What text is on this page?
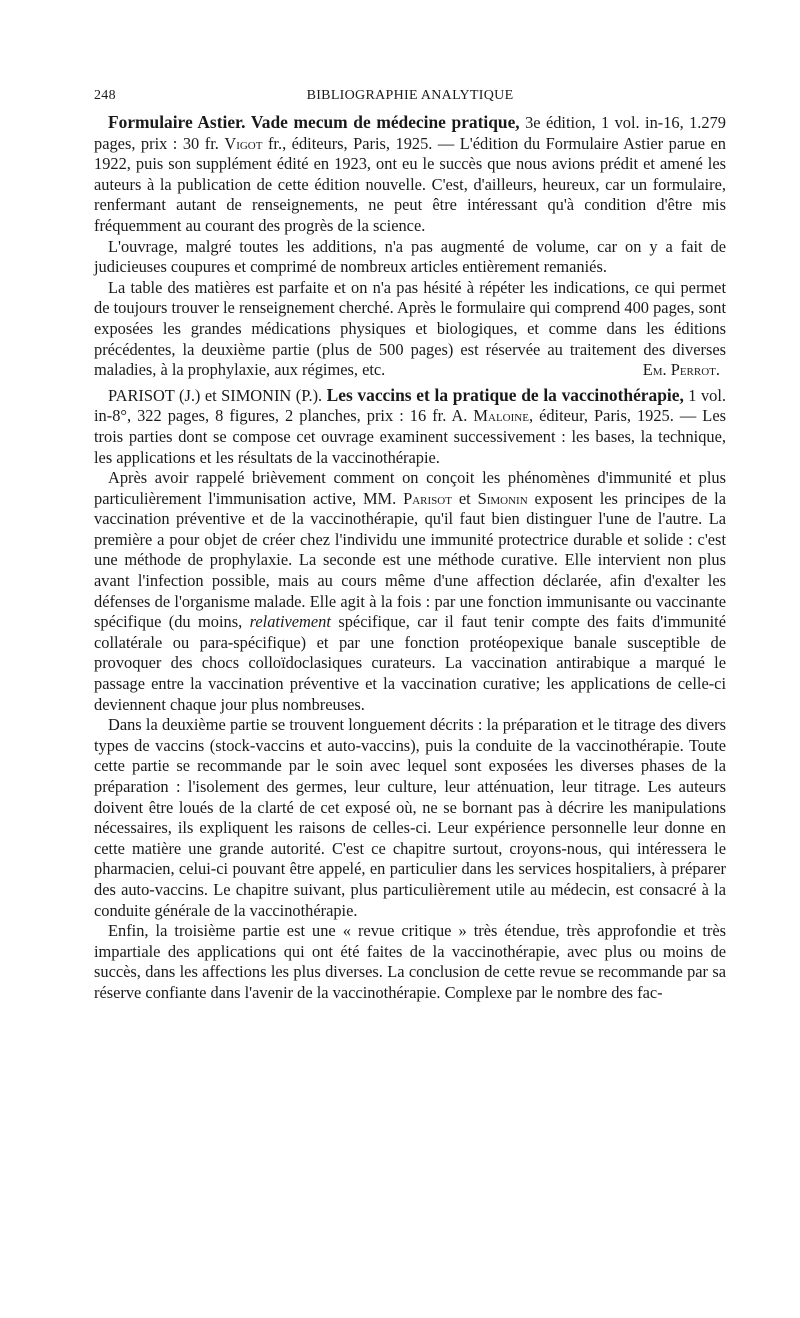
248	BIBLIOGRAPHIE ANALYTIQUE

Formulaire Astier. Vade mecum de médecine pratique, 3e édition, 1 vol. in-16, 1.279 pages, prix : 30 fr. Vigot fr., éditeurs, Paris, 1925. — L'édition du Formulaire Astier parue en 1922, puis son supplément édité en 1923, ont eu le succès que nous avions prédit et amené les auteurs à la publication de cette édition nouvelle. C'est, d'ailleurs, heureux, car un formulaire, renfermant autant de renseignements, ne peut être intéressant qu'à condition d'être mis fréquemment au courant des progrès de la science.

L'ouvrage, malgré toutes les additions, n'a pas augmenté de volume, car on y a fait de judicieuses coupures et comprimé de nombreux articles entièrement remaniés.

La table des matières est parfaite et on n'a pas hésité à répéter les indications, ce qui permet de toujours trouver le renseignement cherché. Après le formulaire qui comprend 400 pages, sont exposées les grandes médications physiques et biologiques, et comme dans les éditions précédentes, la deuxième partie (plus de 500 pages) est réservée au traitement des diverses maladies, à la prophylaxie, aux régimes, etc.	Em. Perrot.

PARISOT (J.) et SIMONIN (P.). Les vaccins et la pratique de la vaccinothérapie, 1 vol. in-8°, 322 pages, 8 figures, 2 planches, prix : 16 fr. A. Maloine, éditeur, Paris, 1925. — Les trois parties dont se compose cet ouvrage examinent successivement : les bases, la technique, les applications et les résultats de la vaccinothérapie.

Après avoir rappelé brièvement comment on conçoit les phénomènes d'immunité et plus particulièrement l'immunisation active, MM. Parisot et Simonin exposent les principes de la vaccination préventive et de la vaccinothérapie, qu'il faut bien distinguer l'une de l'autre. La première a pour objet de créer chez l'individu une immunité protectrice durable et solide : c'est une méthode de prophylaxie. La seconde est une méthode curative. Elle intervient non plus avant l'infection possible, mais au cours même d'une affection déclarée, afin d'exalter les défenses de l'organisme malade. Elle agit à la fois : par une fonction immunisante ou vaccinante spécifique (du moins, relativement spécifique, car il faut tenir compte des faits d'immunité collatérale ou para-spécifique) et par une fonction protéopexique banale susceptible de provoquer des chocs colloïdoclasiques curateurs. La vaccination antirabique a marqué le passage entre la vaccination préventive et la vaccination curative; les applications de celle-ci deviennent chaque jour plus nombreuses.

Dans la deuxième partie se trouvent longuement décrits : la préparation et le titrage des divers types de vaccins (stock-vaccins et auto-vaccins), puis la conduite de la vaccinothérapie. Toute cette partie se recommande par le soin avec lequel sont exposées les diverses phases de la préparation : l'isolement des germes, leur culture, leur atténuation, leur titrage. Les auteurs doivent être loués de la clarté de cet exposé où, ne se bornant pas à décrire les manipulations nécessaires, ils expliquent les raisons de celles-ci. Leur expérience personnelle leur donne en cette matière une grande autorité. C'est ce chapitre surtout, croyons-nous, qui intéressera le pharmacien, celui-ci pouvant être appelé, en particulier dans les services hospitaliers, à préparer des auto-vaccins. Le chapitre suivant, plus particulièrement utile au médecin, est consacré à la conduite générale de la vaccinothérapie.

Enfin, la troisième partie est une « revue critique » très étendue, très approfondie et très impartiale des applications qui ont été faites de la vaccinothérapie, avec plus ou moins de succès, dans les affections les plus diverses. La conclusion de cette revue se recommande par sa réserve confiante dans l'avenir de la vaccinothérapie. Complexe par le nombre des fac-
